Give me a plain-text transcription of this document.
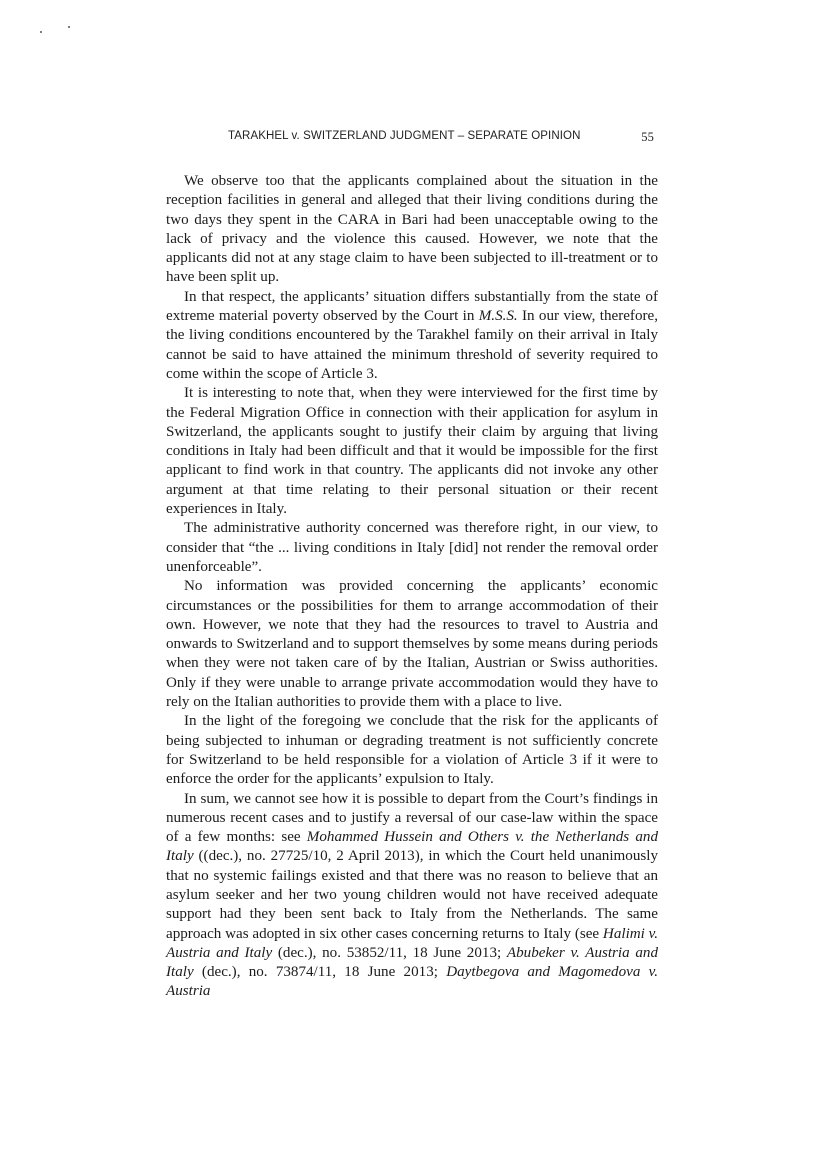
TARAKHEL v. SWITZERLAND JUDGMENT – SEPARATE OPINION	55

We observe too that the applicants complained about the situation in the reception facilities in general and alleged that their living conditions during the two days they spent in the CARA in Bari had been unacceptable owing to the lack of privacy and the violence this caused. However, we note that the applicants did not at any stage claim to have been subjected to ill-treatment or to have been split up.

In that respect, the applicants’ situation differs substantially from the state of extreme material poverty observed by the Court in M.S.S. In our view, therefore, the living conditions encountered by the Tarakhel family on their arrival in Italy cannot be said to have attained the minimum threshold of severity required to come within the scope of Article 3.

It is interesting to note that, when they were interviewed for the first time by the Federal Migration Office in connection with their application for asylum in Switzerland, the applicants sought to justify their claim by arguing that living conditions in Italy had been difficult and that it would be impossible for the first applicant to find work in that country. The applicants did not invoke any other argument at that time relating to their personal situation or their recent experiences in Italy.

The administrative authority concerned was therefore right, in our view, to consider that “the ... living conditions in Italy [did] not render the removal order unenforceable”.

No information was provided concerning the applicants’ economic circumstances or the possibilities for them to arrange accommodation of their own. However, we note that they had the resources to travel to Austria and onwards to Switzerland and to support themselves by some means during periods when they were not taken care of by the Italian, Austrian or Swiss authorities. Only if they were unable to arrange private accommodation would they have to rely on the Italian authorities to provide them with a place to live.

In the light of the foregoing we conclude that the risk for the applicants of being subjected to inhuman or degrading treatment is not sufficiently concrete for Switzerland to be held responsible for a violation of Article 3 if it were to enforce the order for the applicants’ expulsion to Italy.

In sum, we cannot see how it is possible to depart from the Court’s findings in numerous recent cases and to justify a reversal of our case-law within the space of a few months: see Mohammed Hussein and Others v. the Netherlands and Italy ((dec.), no. 27725/10, 2 April 2013), in which the Court held unanimously that no systemic failings existed and that there was no reason to believe that an asylum seeker and her two young children would not have received adequate support had they been sent back to Italy from the Netherlands. The same approach was adopted in six other cases concerning returns to Italy (see Halimi v. Austria and Italy (dec.), no. 53852/11, 18 June 2013; Abubeker v. Austria and Italy (dec.), no. 73874/11, 18 June 2013; Daytbegova and Magomedova v. Austria
